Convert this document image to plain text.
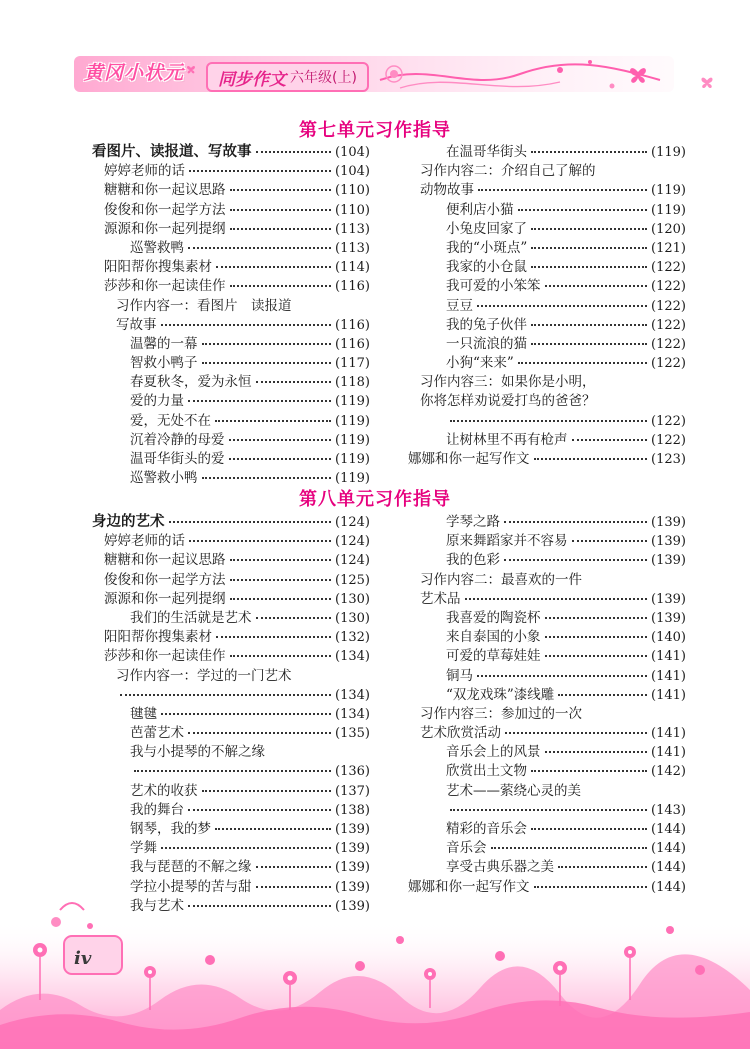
黄冈小状元 同步作文 六年级(上)
第七单元习作指导
看图片、读报道、写故事	(104)
婷婷老师的话	(104)
糖糖和你一起议思路	(110)
俊俊和你一起学方法	(110)
源源和你一起列提纲	(113)
巡警救鸭	(113)
阳阳帮你搜集素材	(114)
莎莎和你一起读佳作	(116)
习作内容一：看图片　读报道
写故事	(116)
温馨的一幕	(116)
智救小鸭子	(117)
春夏秋冬，爱为永恒	(118)
爱的力量	(119)
爱，无处不在	(119)
沉着冷静的母爱	(119)
温哥华街头的爱	(119)
巡警救小鸭	(119)
在温哥华街头	(119)
习作内容二：介绍自己了解的
动物故事	(119)
便利店小猫	(119)
小兔皮回家了	(120)
我的“小斑点”	(121)
我家的小仓鼠	(122)
我可爱的小笨笨	(122)
豆豆	(122)
我的兔子伙伴	(122)
一只流浪的猫	(122)
小狗“来来”	(122)
习作内容三：如果你是小明，
你将怎样劝说爱打鸟的爸爸？
(122)
让树林里不再有枪声	(122)
娜娜和你一起写作文	(123)
第八单元习作指导
身边的艺术	(124)
婷婷老师的话	(124)
糖糖和你一起议思路	(124)
俊俊和你一起学方法	(125)
源源和你一起列提纲	(130)
我们的生活就是艺术	(130)
阳阳帮你搜集素材	(132)
莎莎和你一起读佳作	(134)
习作内容一：学过的一门艺术
(134)
毽毽	(134)
芭蕾艺术	(135)
我与小提琴的不解之缘
(136)
艺术的收获	(137)
我的舞台	(138)
钢琴，我的梦	(139)
学舞	(139)
我与琵琶的不解之缘	(139)
学拉小提琴的苦与甜	(139)
我与艺术	(139)
学琴之路	(139)
原来舞蹈家并不容易	(139)
我的色彩	(139)
习作内容二：最喜欢的一件
艺术品	(139)
我喜爱的陶瓷杯	(139)
来自泰国的小象	(140)
可爱的草莓娃娃	(141)
铜马	(141)
“双龙戏珠”漆线雕	(141)
习作内容三：参加过的一次
艺术欣赏活动	(141)
音乐会上的风景	(141)
欣赏出土文物	(142)
艺术——萦绕心灵的美
(143)
精彩的音乐会	(144)
音乐会	(144)
享受古典乐器之美	(144)
娜娜和你一起写作文	(144)
iv
